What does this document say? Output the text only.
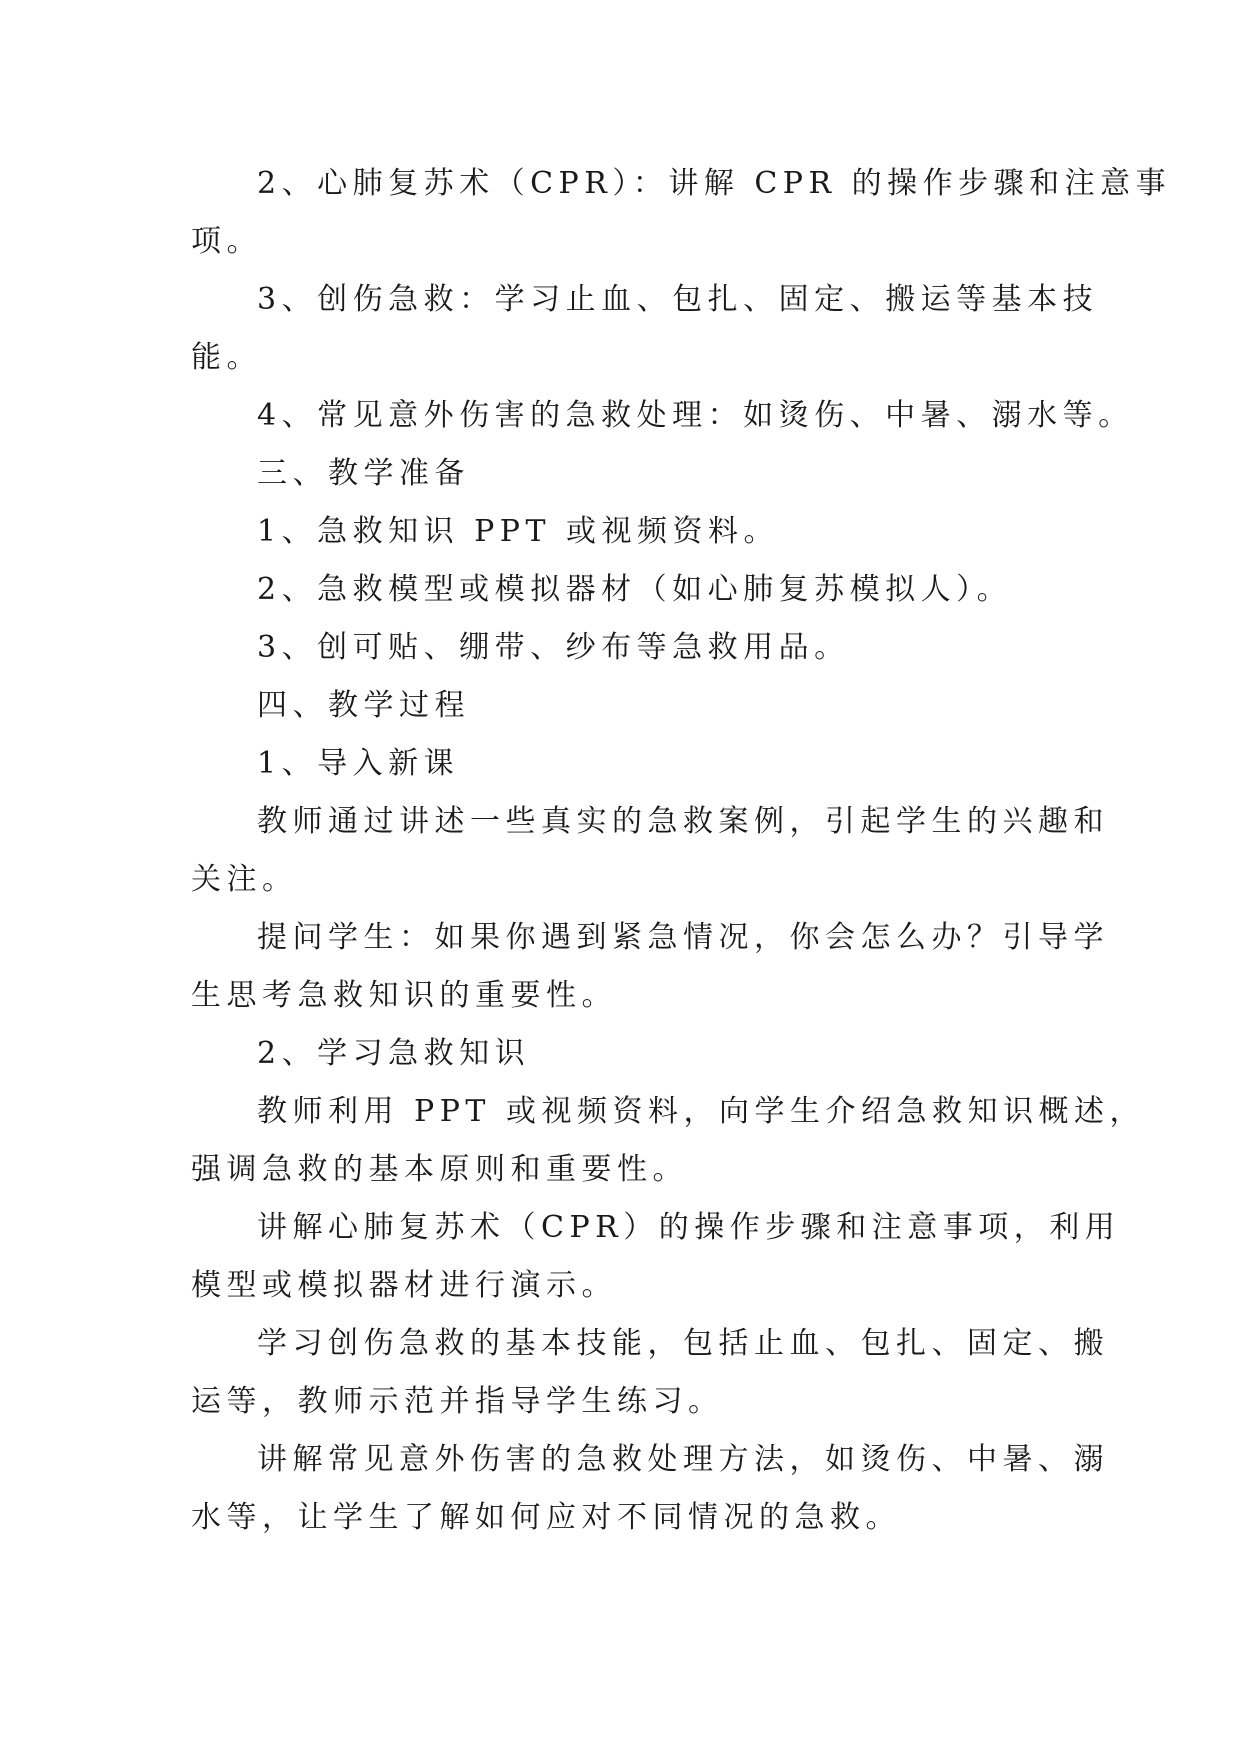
2、心肺复苏术（CPR）：讲解 CPR 的操作步骤和注意事
项。
3、创伤急救：学习止血、包扎、固定、搬运等基本技
能。
4、常见意外伤害的急救处理：如烫伤、中暑、溺水等。
三、教学准备
1、急救知识 PPT 或视频资料。
2、急救模型或模拟器材（如心肺复苏模拟人）。
3、创可贴、绷带、纱布等急救用品。
四、教学过程
1、导入新课
教师通过讲述一些真实的急救案例，引起学生的兴趣和
关注。
提问学生：如果你遇到紧急情况，你会怎么办？引导学
生思考急救知识的重要性。
2、学习急救知识
教师利用 PPT 或视频资料，向学生介绍急救知识概述，
强调急救的基本原则和重要性。
讲解心肺复苏术（CPR）的操作步骤和注意事项，利用
模型或模拟器材进行演示。
学习创伤急救的基本技能，包括止血、包扎、固定、搬
运等，教师示范并指导学生练习。
讲解常见意外伤害的急救处理方法，如烫伤、中暑、溺
水等，让学生了解如何应对不同情况的急救。
